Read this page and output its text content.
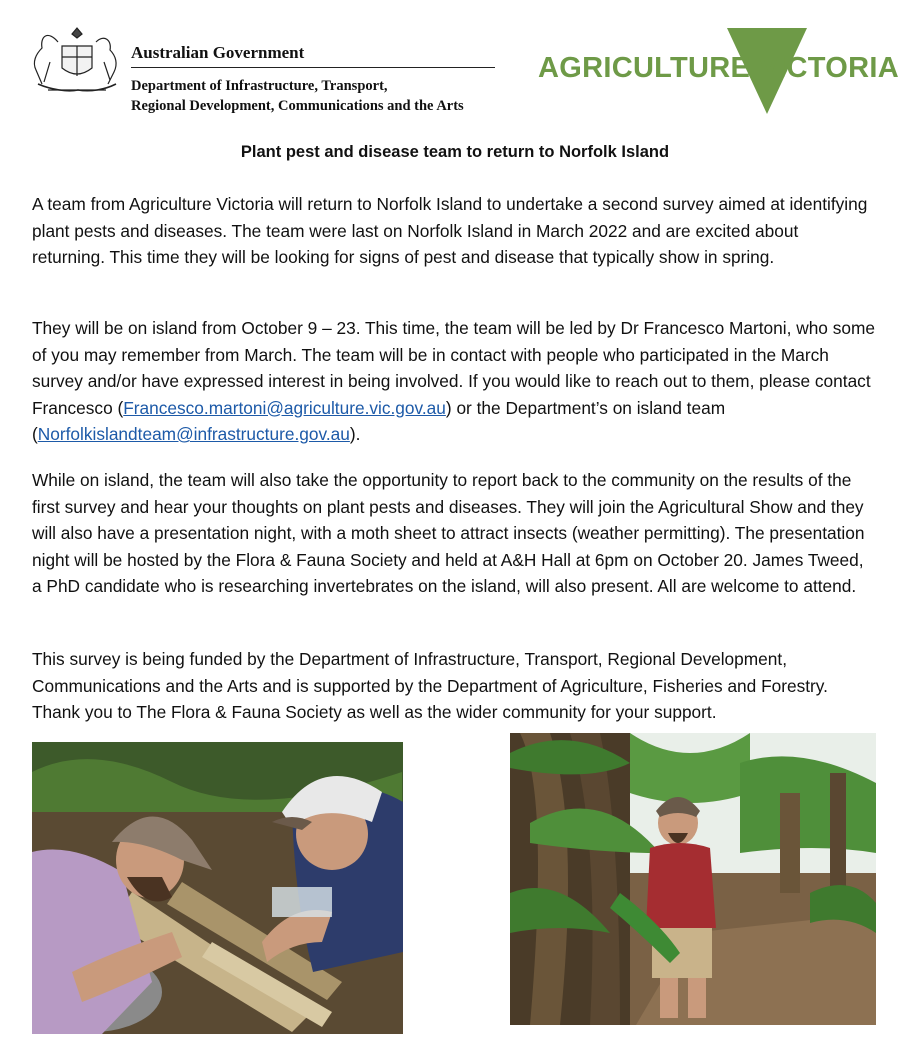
Australian Government
Department of Infrastructure, Transport,
Regional Development, Communications and the Arts
AGRICULTURE VICTORIA
Plant pest and disease team to return to Norfolk Island

A team from Agriculture Victoria will return to Norfolk Island to undertake a second survey aimed at identifying plant pests and diseases. The team were last on Norfolk Island in March 2022 and are excited about returning. This time they will be looking for signs of pest and disease that typically show in spring.

They will be on island from October 9 – 23. This time, the team will be led by Dr Francesco Martoni, who some of you may remember from March. The team will be in contact with people who participated in the March survey and/or have expressed interest in being involved. If you would like to reach out to them, please contact Francesco (Francesco.martoni@agriculture.vic.gov.au) or the Department’s on island team (Norfolkislandteam@infrastructure.gov.au).

While on island, the team will also take the opportunity to report back to the community on the results of the first survey and hear your thoughts on plant pests and diseases. They will join the Agricultural Show and they will also have a presentation night, with a moth sheet to attract insects (weather permitting). The presentation night will be hosted by the Flora & Fauna Society and held at A&H Hall at 6pm on October 20. James Tweed, a PhD candidate who is researching invertebrates on the island, will also present. All are welcome to attend.

This survey is being funded by the Department of Infrastructure, Transport, Regional Development, Communications and the Arts and is supported by the Department of Agriculture, Fisheries and Forestry. Thank you to The Flora & Fauna Society as well as the wider community for your support.
